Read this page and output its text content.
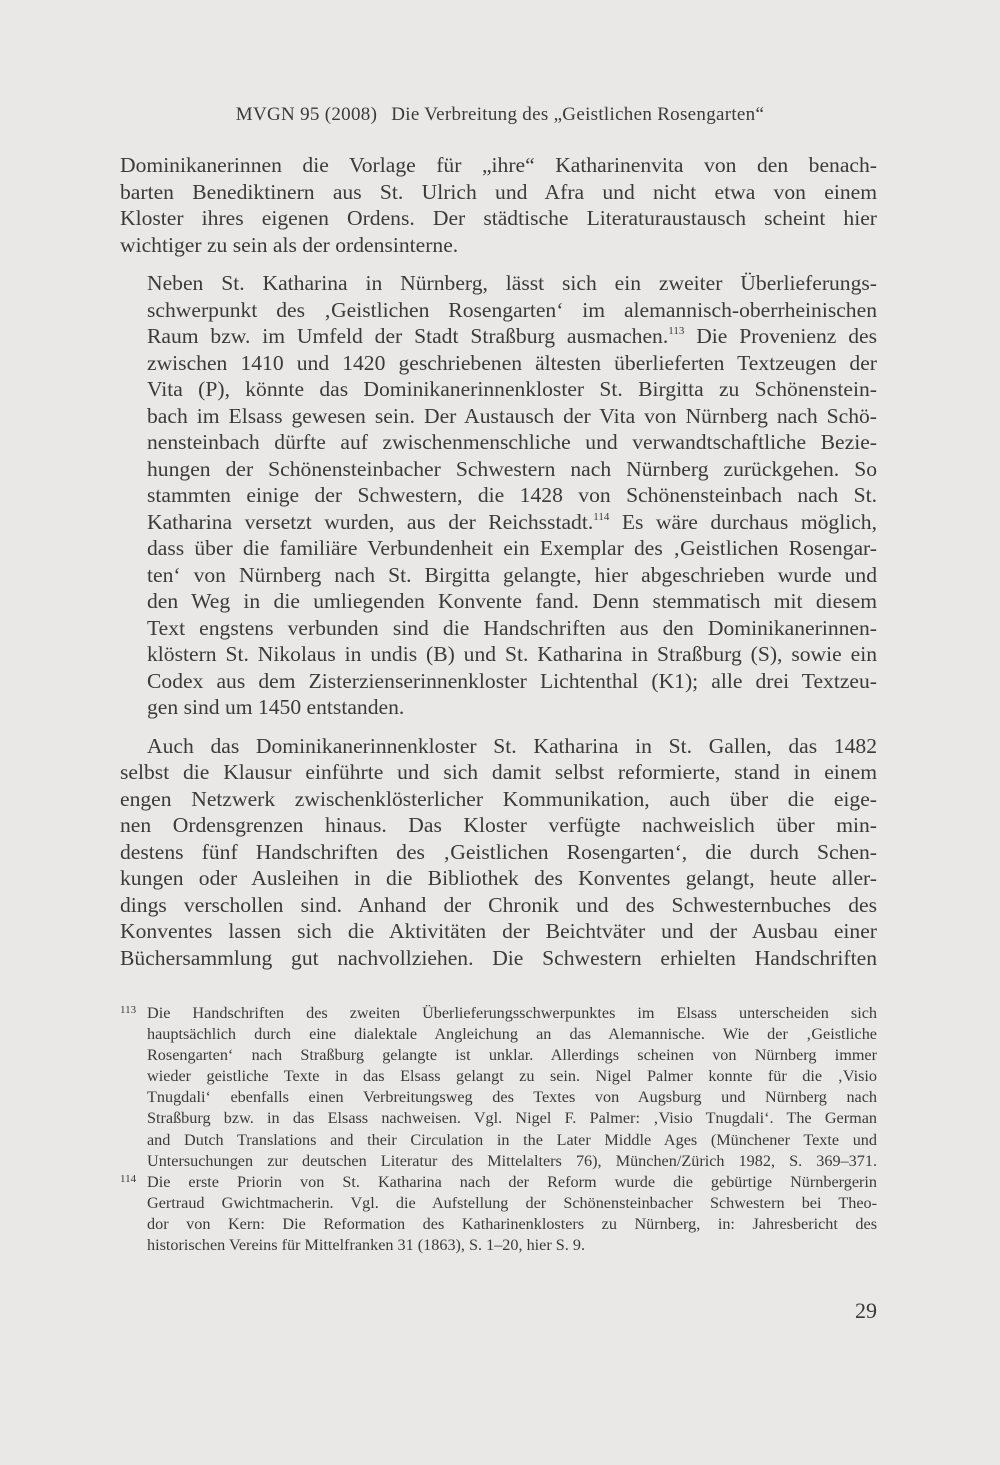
MVGN 95 (2008) Die Verbreitung des „Geistlichen Rosengarten“

Dominikanerinnen die Vorlage für „ihre“ Katharinenvita von den benach-
barten Benediktinern aus St. Ulrich und Afra und nicht etwa von einem
Kloster ihres eigenen Ordens. Der städtische Literaturaustausch scheint hier
wichtiger zu sein als der ordensinterne.

Neben St. Katharina in Nürnberg, lässt sich ein zweiter Überlieferungs-
schwerpunkt des ‚Geistlichen Rosengarten‘ im alemannisch-oberrheinischen
Raum bzw. im Umfeld der Stadt Straßburg ausmachen.$^{113}$ Die Provenienz des
zwischen 1410 und 1420 geschriebenen ältesten überlieferten Textzeugen der
Vita (P), könnte das Dominikanerinnenkloster St. Birgitta zu Schönenstein-
bach im Elsass gewesen sein. Der Austausch der Vita von Nürnberg nach Schö-
nensteinbach dürfte auf zwischenmenschliche und verwandtschaftliche Bezie-
hungen der Schönensteinbacher Schwestern nach Nürnberg zurückgehen. So
stammten einige der Schwestern, die 1428 von Schönensteinbach nach St.
Katharina versetzt wurden, aus der Reichsstadt.$^{114}$ Es wäre durchaus möglich,
dass über die familiäre Verbundenheit ein Exemplar des ‚Geistlichen Rosengar-
ten‘ von Nürnberg nach St. Birgitta gelangte, hier abgeschrieben wurde und
den Weg in die umliegenden Konvente fand. Denn stemmatisch mit diesem
Text engstens verbunden sind die Handschriften aus den Dominikanerinnen-
klöstern St. Nikolaus in undis (B) und St. Katharina in Straßburg (S), sowie ein
Codex aus dem Zisterzienserinnenkloster Lichtenthal (K1); alle drei Textzeu-
gen sind um 1450 entstanden.

Auch das Dominikanerinnenkloster St. Katharina in St. Gallen, das 1482
selbst die Klausur einführte und sich damit selbst reformierte, stand in einem
engen Netzwerk zwischenklösterlicher Kommunikation, auch über die eige-
nen Ordensgrenzen hinaus. Das Kloster verfügte nachweislich über min-
destens fünf Handschriften des ‚Geistlichen Rosengarten‘, die durch Schen-
kungen oder Ausleihen in die Bibliothek des Konventes gelangt, heute aller-
dings verschollen sind. Anhand der Chronik und des Schwesternbuches des
Konventes lassen sich die Aktivitäten der Beichtväter und der Ausbau einer
Büchersammlung gut nachvollziehen. Die Schwestern erhielten Handschriften

113 Die Handschriften des zweiten Überlieferungsschwerpunktes im Elsass unterscheiden sich
hauptsächlich durch eine dialektale Angleichung an das Alemannische. Wie der ‚Geistliche
Rosengarten‘ nach Straßburg gelangte ist unklar. Allerdings scheinen von Nürnberg immer
wieder geistliche Texte in das Elsass gelangt zu sein. Nigel Palmer konnte für die ‚Visio
Tnugdali‘ ebenfalls einen Verbreitungsweg des Textes von Augsburg und Nürnberg nach
Straßburg bzw. in das Elsass nachweisen. Vgl. Nigel F. Palmer: ‚Visio Tnugdali‘. The German
and Dutch Translations and their Circulation in the Later Middle Ages (Münchener Texte und
Untersuchungen zur deutschen Literatur des Mittelalters 76), München/Zürich 1982, S. 369–371.
114 Die erste Priorin von St. Katharina nach der Reform wurde die gebürtige Nürnbergerin
Gertraud Gwichtmacherin. Vgl. die Aufstellung der Schönensteinbacher Schwestern bei Theo-
dor von Kern: Die Reformation des Katharinenklosters zu Nürnberg, in: Jahresbericht des
historischen Vereins für Mittelfranken 31 (1863), S. 1–20, hier S. 9.
29
